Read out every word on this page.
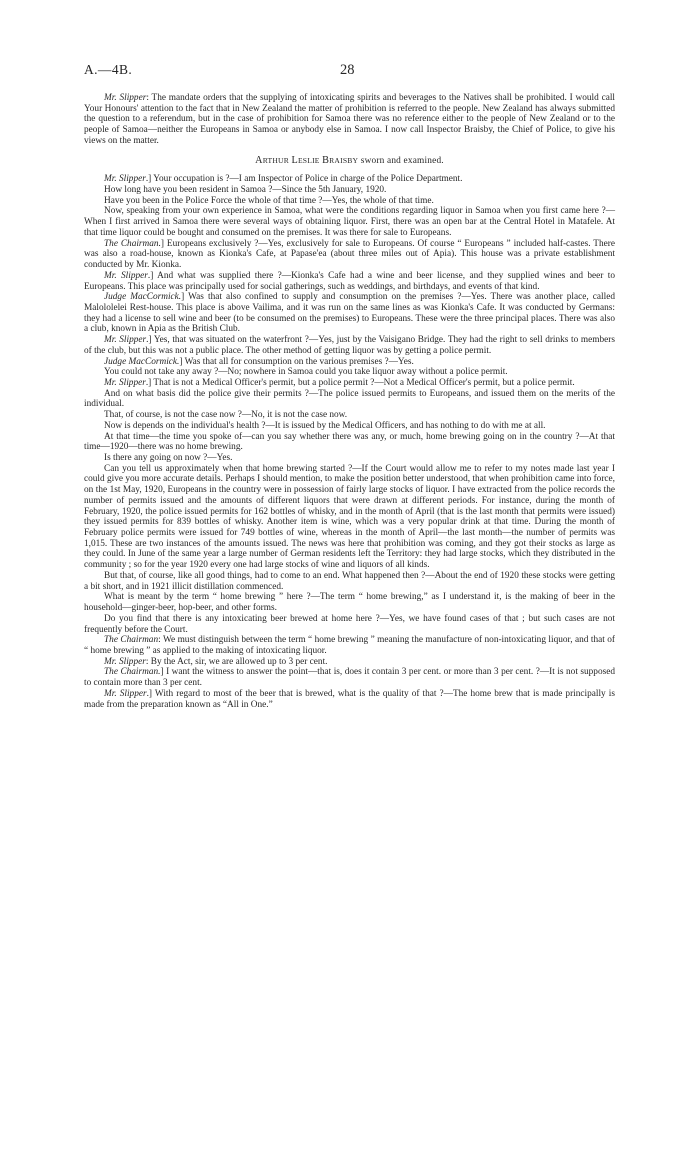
A.—4B.	28

Mr. Slipper: The mandate orders that the supplying of intoxicating spirits and beverages to the Natives shall be prohibited. I would call Your Honours' attention to the fact that in New Zealand the matter of prohibition is referred to the people. New Zealand has always submitted the question to a referendum, but in the case of prohibition for Samoa there was no reference either to the people of New Zealand or to the people of Samoa—neither the Europeans in Samoa or anybody else in Samoa. I now call Inspector Braisby, the Chief of Police, to give his views on the matter.

ARTHUR LESLIE BRAISBY sworn and examined.

Mr. Slipper.] Your occupation is ?—I am Inspector of Police in charge of the Police Department.

How long have you been resident in Samoa ?—Since the 5th January, 1920.

Have you been in the Police Force the whole of that time ?—Yes, the whole of that time.

Now, speaking from your own experience in Samoa, what were the conditions regarding liquor in Samoa when you first came here ?—When I first arrived in Samoa there were several ways of obtaining liquor. First, there was an open bar at the Central Hotel in Matafele. At that time liquor could be bought and consumed on the premises. It was there for sale to Europeans.

The Chairman.] Europeans exclusively ?—Yes, exclusively for sale to Europeans. Of course “ Europeans ” included half-castes. There was also a road-house, known as Kionka's Cafe, at Papase'ea (about three miles out of Apia). This house was a private establishment conducted by Mr. Kionka.

Mr. Slipper.] And what was supplied there ?—Kionka's Cafe had a wine and beer license, and they supplied wines and beer to Europeans. This place was principally used for social gatherings, such as weddings, and birthdays, and events of that kind.

Judge MacCormick.] Was that also confined to supply and consumption on the premises ?—Yes. There was another place, called Malololelei Rest-house. This place is above Vailima, and it was run on the same lines as was Kionka's Cafe. It was conducted by Germans: they had a license to sell wine and beer (to be consumed on the premises) to Europeans. These were the three principal places. There was also a club, known in Apia as the British Club.

Mr. Slipper.] Yes, that was situated on the waterfront ?—Yes, just by the Vaisigano Bridge. They had the right to sell drinks to members of the club, but this was not a public place. The other method of getting liquor was by getting a police permit.

Judge MacCormick.] Was that all for consumption on the various premises ?—Yes.

You could not take any away ?—No; nowhere in Samoa could you take liquor away without a police permit.

Mr. Slipper.] That is not a Medical Officer's permit, but a police permit ?—Not a Medical Officer's permit, but a police permit.

And on what basis did the police give their permits ?—The police issued permits to Europeans, and issued them on the merits of the individual.

That, of course, is not the case now ?—No, it is not the case now.

Now is depends on the individual's health ?—It is issued by the Medical Officers, and has nothing to do with me at all.

At that time—the time you spoke of—can you say whether there was any, or much, home brewing going on in the country ?—At that time—1920—there was no home brewing.

Is there any going on now ?—Yes.

Can you tell us approximately when that home brewing started ?—If the Court would allow me to refer to my notes made last year I could give you more accurate details. Perhaps I should mention, to make the position better understood, that when prohibition came into force, on the 1st May, 1920, Europeans in the country were in possession of fairly large stocks of liquor. I have extracted from the police records the number of permits issued and the amounts of different liquors that were drawn at different periods. For instance, during the month of February, 1920, the police issued permits for 162 bottles of whisky, and in the month of April (that is the last month that permits were issued) they issued permits for 839 bottles of whisky. Another item is wine, which was a very popular drink at that time. During the month of February police permits were issued for 749 bottles of wine, whereas in the month of April—the last month—the number of permits was 1,015. These are two instances of the amounts issued. The news was here that prohibition was coming, and they got their stocks as large as they could. In June of the same year a large number of German residents left the Territory: they had large stocks, which they distributed in the community ; so for the year 1920 every one had large stocks of wine and liquors of all kinds.

But that, of course, like all good things, had to come to an end. What happened then ?—About the end of 1920 these stocks were getting a bit short, and in 1921 illicit distillation commenced.

What is meant by the term “ home brewing ” here ?—The term “ home brewing,” as I understand it, is the making of beer in the household—ginger-beer, hop-beer, and other forms.

Do you find that there is any intoxicating beer brewed at home here ?—Yes, we have found cases of that ; but such cases are not frequently before the Court.

The Chairman: We must distinguish between the term “ home brewing ” meaning the manufacture of non-intoxicating liquor, and that of “ home brewing ” as applied to the making of intoxicating liquor.

Mr. Slipper: By the Act, sir, we are allowed up to 3 per cent.

The Chairman.] I want the witness to answer the point—that is, does it contain 3 per cent. or more than 3 per cent. ?—It is not supposed to contain more than 3 per cent.

Mr. Slipper.] With regard to most of the beer that is brewed, what is the quality of that ?—The home brew that is made principally is made from the preparation known as “All in One.”
